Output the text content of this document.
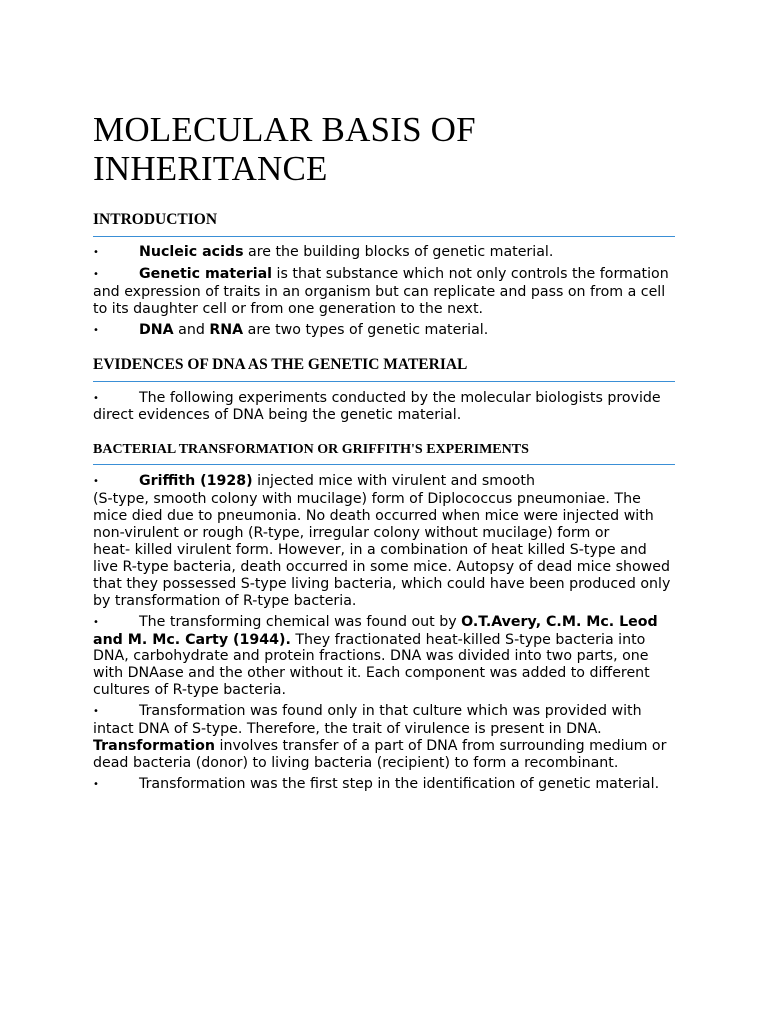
MOLECULAR BASIS OF INHERITANCE
INTRODUCTION
•	Nucleic acids are the building blocks of genetic material.
•	Genetic material is that substance which not only controls the formation and expression of traits in an organism but can replicate and pass on from a cell to its daughter cell or from one generation to the next.
•	DNA and RNA are two types of genetic material.
EVIDENCES OF DNA AS THE GENETIC MATERIAL
•	The following experiments conducted by the molecular biologists provide direct evidences of DNA being the genetic material.
BACTERIAL TRANSFORMATION OR GRIFFITH'S EXPERIMENTS
•	Griffith (1928) injected mice with virulent and smooth
(S-type, smooth colony with mucilage) form of Diplococcus pneumoniae. The mice died due to pneumonia. No death occurred when mice were injected with non-virulent or rough (R-type, irregular colony without mucilage) form or
heat- killed virulent form. However, in a combination of heat killed S-type and live R-type bacteria, death occurred in some mice. Autopsy of dead mice showed that they possessed S-type living bacteria, which could have been produced only by transformation of R-type bacteria.
•	The transforming chemical was found out by O.T.Avery, C.M. Mc. Leod and M. Mc. Carty (1944). They fractionated heat-killed S-type bacteria into DNA, carbohydrate and protein fractions. DNA was divided into two parts, one with DNAase and the other without it. Each component was added to different cultures of R-type bacteria.
•	Transformation was found only in that culture which was provided with intact DNA of S-type. Therefore, the trait of virulence is present in DNA. Transformation involves transfer of a part of DNA from surrounding medium or dead bacteria (donor) to living bacteria (recipient) to form a recombinant.
•	Transformation was the first step in the identification of genetic material.
